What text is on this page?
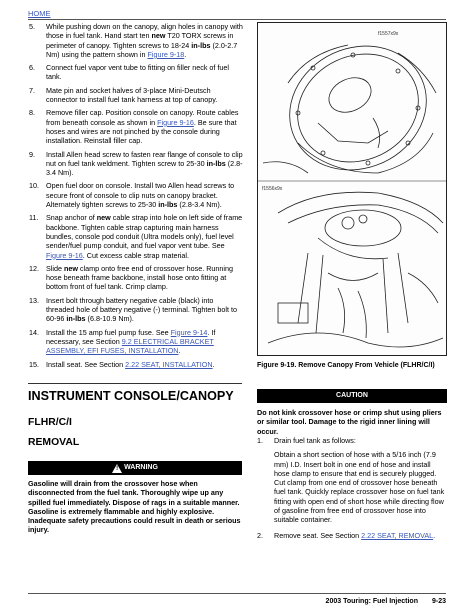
HOME
5.	While pushing down on the canopy, align holes in canopy with those in fuel tank. Hand start ten new T20 TORX screws in perimeter of canopy. Tighten screws to 18-24 in-lbs (2.0-2.7 Nm) using the pattern shown in Figure 9-18.
6.	Connect fuel vapor vent tube to fitting on filler neck of fuel tank.
7.	Mate pin and socket halves of 3-place Mini-Deutsch connector to install fuel tank harness at top of canopy.
8.	Remove filler cap. Position console on canopy. Route cables from beneath console as shown in Figure 9-16. Be sure that hoses and wires are not pinched by the console during installation. Reinstall filler cap.
9.	Install Allen head screw to fasten rear flange of console to clip nut on fuel tank weldment. Tighten screw to 25-30 in-lbs (2.8-3.4 Nm).
10. Open fuel door on console. Install two Allen head screws to secure front of console to clip nuts on canopy bracket. Alternately tighten screws to 25-30 in-lbs (2.8-3.4 Nm).
11.	Snap anchor of new cable strap into hole on left side of frame backbone. Tighten cable strap capturing main harness bundles, console pod conduit (Ultra models only), fuel level sender/fuel pump conduit, and fuel vapor vent tube. See Figure 9-16. Cut excess cable strap material.
12. Slide new clamp onto free end of crossover hose. Running hose beneath frame backbone, install hose onto fitting at bottom front of fuel tank. Crimp clamp.
13. Insert bolt through battery negative cable (black) into threaded hole of battery negative (-) terminal. Tighten bolt to 60-96 in-lbs (6.8-10.9 Nm).
14. Install the 15 amp fuel pump fuse. See Figure 9-14. If necessary, see Section 9.2 ELECTRICAL BRACKET ASSEMBLY, EFI FUSES, INSTALLATION.
15. Install seat. See Section 2.22 SEAT, INSTALLATION.
INSTRUMENT CONSOLE/CANOPY
FLHR/C/I
REMOVAL
! WARNING
Gasoline will drain from the crossover hose when disconnected from the fuel tank. Thoroughly wipe up any spilled fuel immediately. Dispose of rags in a suitable manner. Gasoline is extremely flammable and highly explosive. Inadequate safety precautions could result in death or serious injury.
f1557x9x
f1556x9x
Figure 9-19. Remove Canopy From Vehicle (FLHR/C/I)
CAUTION
Do not kink crossover hose or crimp shut using pliers or similar tool. Damage to the rigid inner lining will occur.
1.	Drain fuel tank as follows:
Obtain a short section of hose with a 5/16 inch (7.9 mm) I.D. Insert bolt in one end of hose and install hose clamp to ensure that end is securely plugged. Cut clamp from one end of crossover hose beneath fuel tank. Quickly replace crossover hose on fuel tank fitting with open end of short hose while directing flow of gasoline from free end of crossover hose into suitable container.
2.	Remove seat. See Section 2.22 SEAT, REMOVAL.
2003 Touring: Fuel Injection 9-23
